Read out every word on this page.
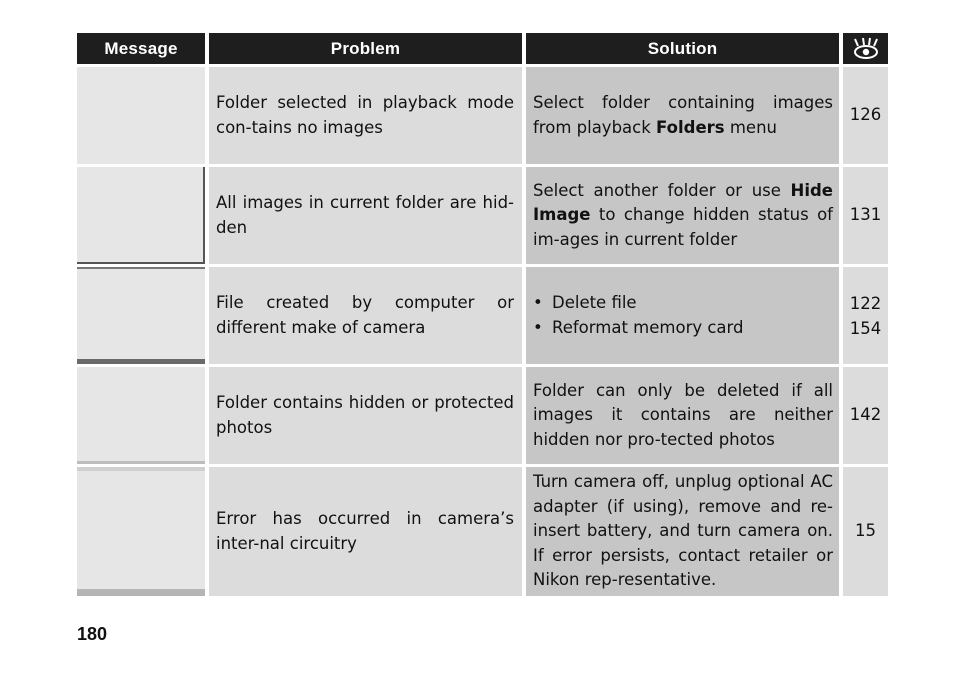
Message	Problem	Solution
Folder selected in playback mode con-tains no images
Select folder containing images from playback Folders menu
126
All images in current folder are hid-den
Select another folder or use Hide Image to change hidden status of im-ages in current folder
131
File created by computer or different make of camera
• Delete file
• Reformat memory card
122
154
Folder contains hidden or protected photos
Folder can only be deleted if all images it contains are neither hidden nor pro-tected photos
142
Error has occurred in camera’s inter-nal circuitry
Turn camera off, unplug optional AC adapter (if using), remove and re-insert battery, and turn camera on. If error persists, contact retailer or Nikon rep-resentative.
15
180
